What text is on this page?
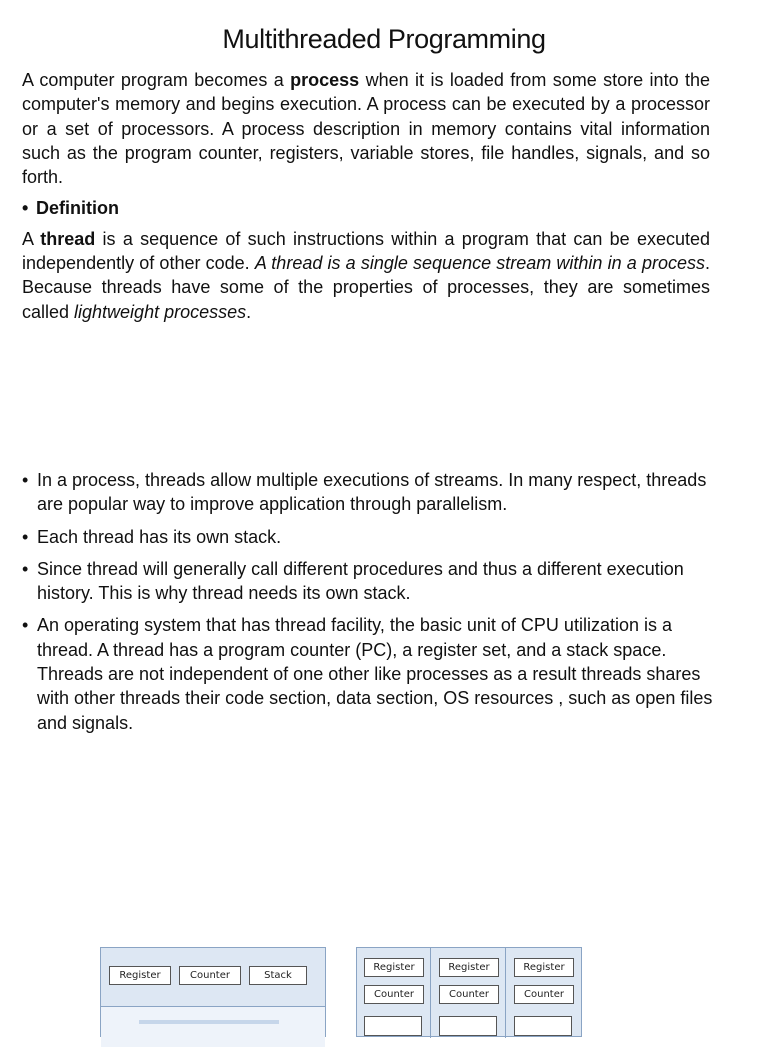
Multithreaded Programming

A computer program becomes a process when it is loaded from some store into the computer's memory and begins execution. A process can be executed by a processor or a set of processors. A process description in memory contains vital information such as the program counter, registers, variable stores, file handles, signals, and so forth.

• Definition

A thread is a sequence of such instructions within a program that can be executed independently of other code. A thread is a single sequence stream within in a process. Because threads have some of the properties of processes, they are sometimes called lightweight processes.

• In a process, threads allow multiple executions of streams. In many respect, threads are popular way to improve application through parallelism.
• Each thread has its own stack.
• Since thread will generally call different procedures and thus a different execution history. This is why thread needs its own stack.
• An operating system that has thread facility, the basic unit of CPU utilization is a thread. A thread has a program counter (PC), a register set, and a stack space. Threads are not independent of one other like processes as a result threads shares with other threads their code section, data section, OS resources , such as open files and signals.
Register	Counter	Stack
Register
Counter
Register
Counter
Register
Counter
